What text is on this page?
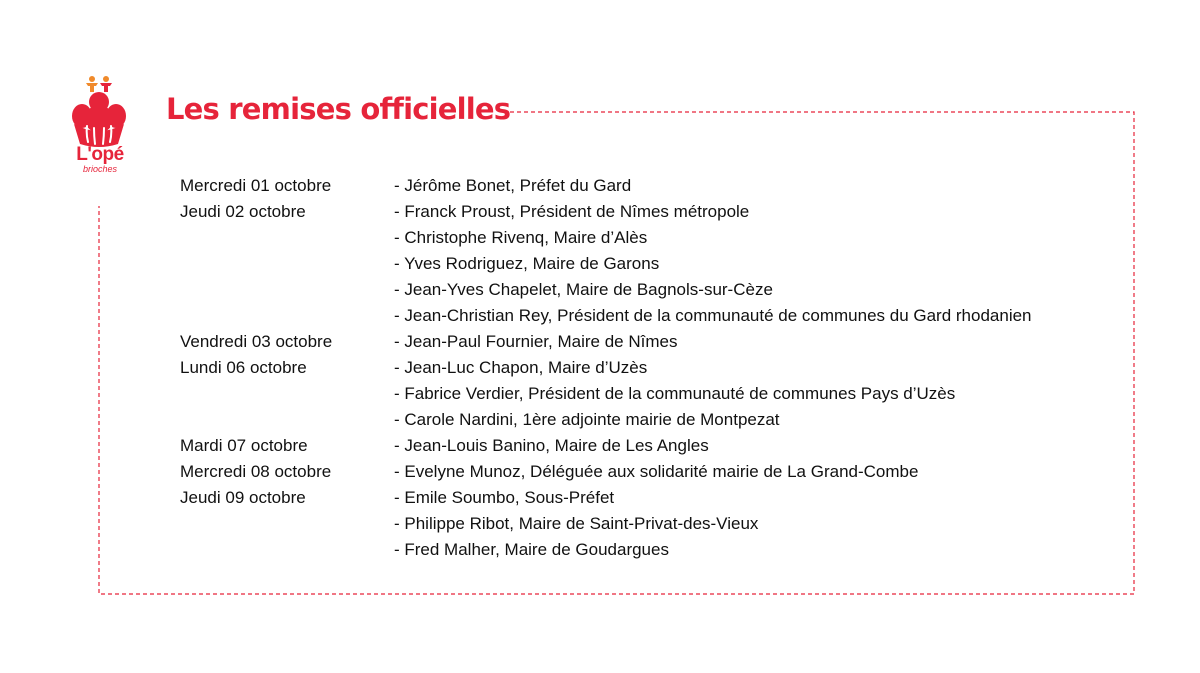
L'opé
brioches
Les remises officielles
Mercredi 01 octobre	- Jérôme Bonet, Préfet du Gard
Jeudi 02 octobre	- Franck Proust, Président de Nîmes métropole
- Christophe Rivenq, Maire d’Alès
- Yves Rodriguez, Maire de Garons
- Jean-Yves Chapelet, Maire de Bagnols-sur-Cèze
- Jean-Christian Rey, Président de la communauté de communes du Gard rhodanien
Vendredi 03 octobre	- Jean-Paul Fournier, Maire de Nîmes
Lundi 06 octobre	- Jean-Luc Chapon, Maire d’Uzès
- Fabrice Verdier, Président de la communauté de communes Pays d’Uzès
- Carole Nardini, 1ère adjointe mairie de Montpezat
Mardi 07 octobre	- Jean-Louis Banino, Maire de Les Angles
Mercredi 08 octobre	- Evelyne Munoz, Déléguée aux solidarité mairie de La Grand-Combe
Jeudi 09 octobre	- Emile Soumbo, Sous-Préfet
- Philippe Ribot, Maire de Saint-Privat-des-Vieux
- Fred Malher, Maire de Goudargues
